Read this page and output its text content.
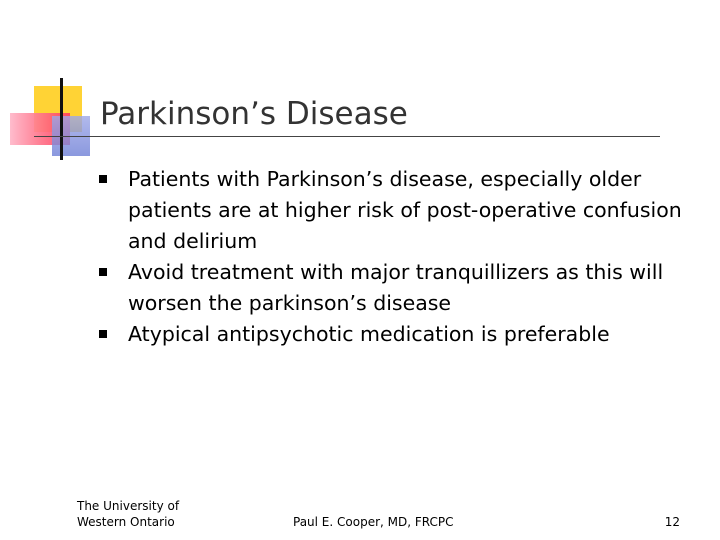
Parkinson’s Disease
Patients with Parkinson’s disease, especially older patients are at higher risk of post-operative confusion and delirium
Avoid treatment with major tranquillizers as this will worsen the parkinson’s disease
Atypical antipsychotic medication is preferable
The University of Western Ontario	Paul E. Cooper, MD, FRCPC	12
